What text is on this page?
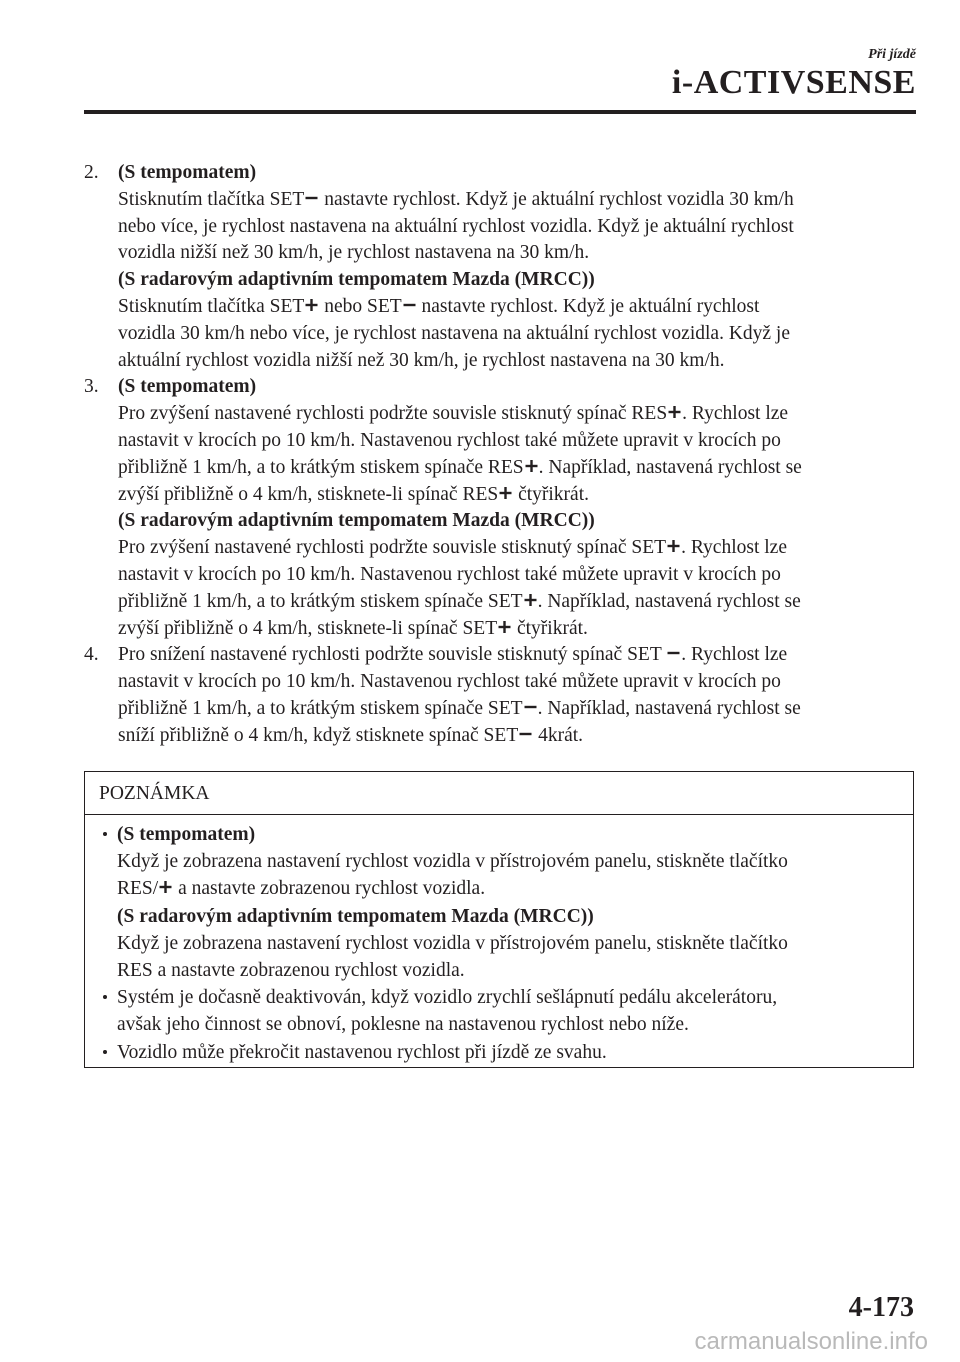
Při jízdě
i-ACTIVSENSE
2. (S tempomatem)

Stisknutím tlačítka SET nastavte rychlost. Když je aktuální rychlost vozidla 30 km/h

nebo více, je rychlost nastavena na aktuální rychlost vozidla. Když je aktuální rychlost

vozidla nižší než 30 km/h, je rychlost nastavena na 30 km/h.

(S radarovým adaptivním tempomatem Mazda (MRCC))

Stisknutím tlačítka SET nebo SET nastavte rychlost. Když je aktuální rychlost

vozidla 30 km/h nebo více, je rychlost nastavena na aktuální rychlost vozidla. Když je

aktuální rychlost vozidla nižší než 30 km/h, je rychlost nastavena na 30 km/h.

3. (S tempomatem)

Pro zvýšení nastavené rychlosti podržte souvisle stisknutý spínač RES . Rychlost lze

nastavit v krocích po 10 km/h. Nastavenou rychlost také můžete upravit v krocích po

přibližně 1 km/h, a to krátkým stiskem spínače RES . Například, nastavená rychlost se

zvýší přibližně o 4 km/h, stisknete-li spínač RES čtyřikrát.

(S radarovým adaptivním tempomatem Mazda (MRCC))

Pro zvýšení nastavené rychlosti podržte souvisle stisknutý spínač SET . Rychlost lze

nastavit v krocích po 10 km/h. Nastavenou rychlost také můžete upravit v krocích po

přibližně 1 km/h, a to krátkým stiskem spínače SET . Například, nastavená rychlost se

zvýší přibližně o 4 km/h, stisknete-li spínač SET čtyřikrát.

4. Pro snížení nastavené rychlosti podržte souvisle stisknutý spínač SET . Rychlost lze

nastavit v krocích po 10 km/h. Nastavenou rychlost také můžete upravit v krocích po

přibližně 1 km/h, a to krátkým stiskem spínače SET . Například, nastavená rychlost se

sníží přibližně o 4 km/h, když stisknete spínač SET 4krát.

POZNÁMKA

(S tempomatem)

Když je zobrazena nastavení rychlost vozidla v přístrojovém panelu, stiskněte tlačítko

RES/ a nastavte zobrazenou rychlost vozidla.

(S radarovým adaptivním tempomatem Mazda (MRCC))

Když je zobrazena nastavení rychlost vozidla v přístrojovém panelu, stiskněte tlačítko

RES a nastavte zobrazenou rychlost vozidla.

Systém je dočasně deaktivován, když vozidlo zrychlí sešlápnutí pedálu akcelerátoru,

avšak jeho činnost se obnoví, poklesne na nastavenou rychlost nebo níže.

Vozidlo může překročit nastavenou rychlost při jízdě ze svahu.

4-173
carmanualsonline.info
